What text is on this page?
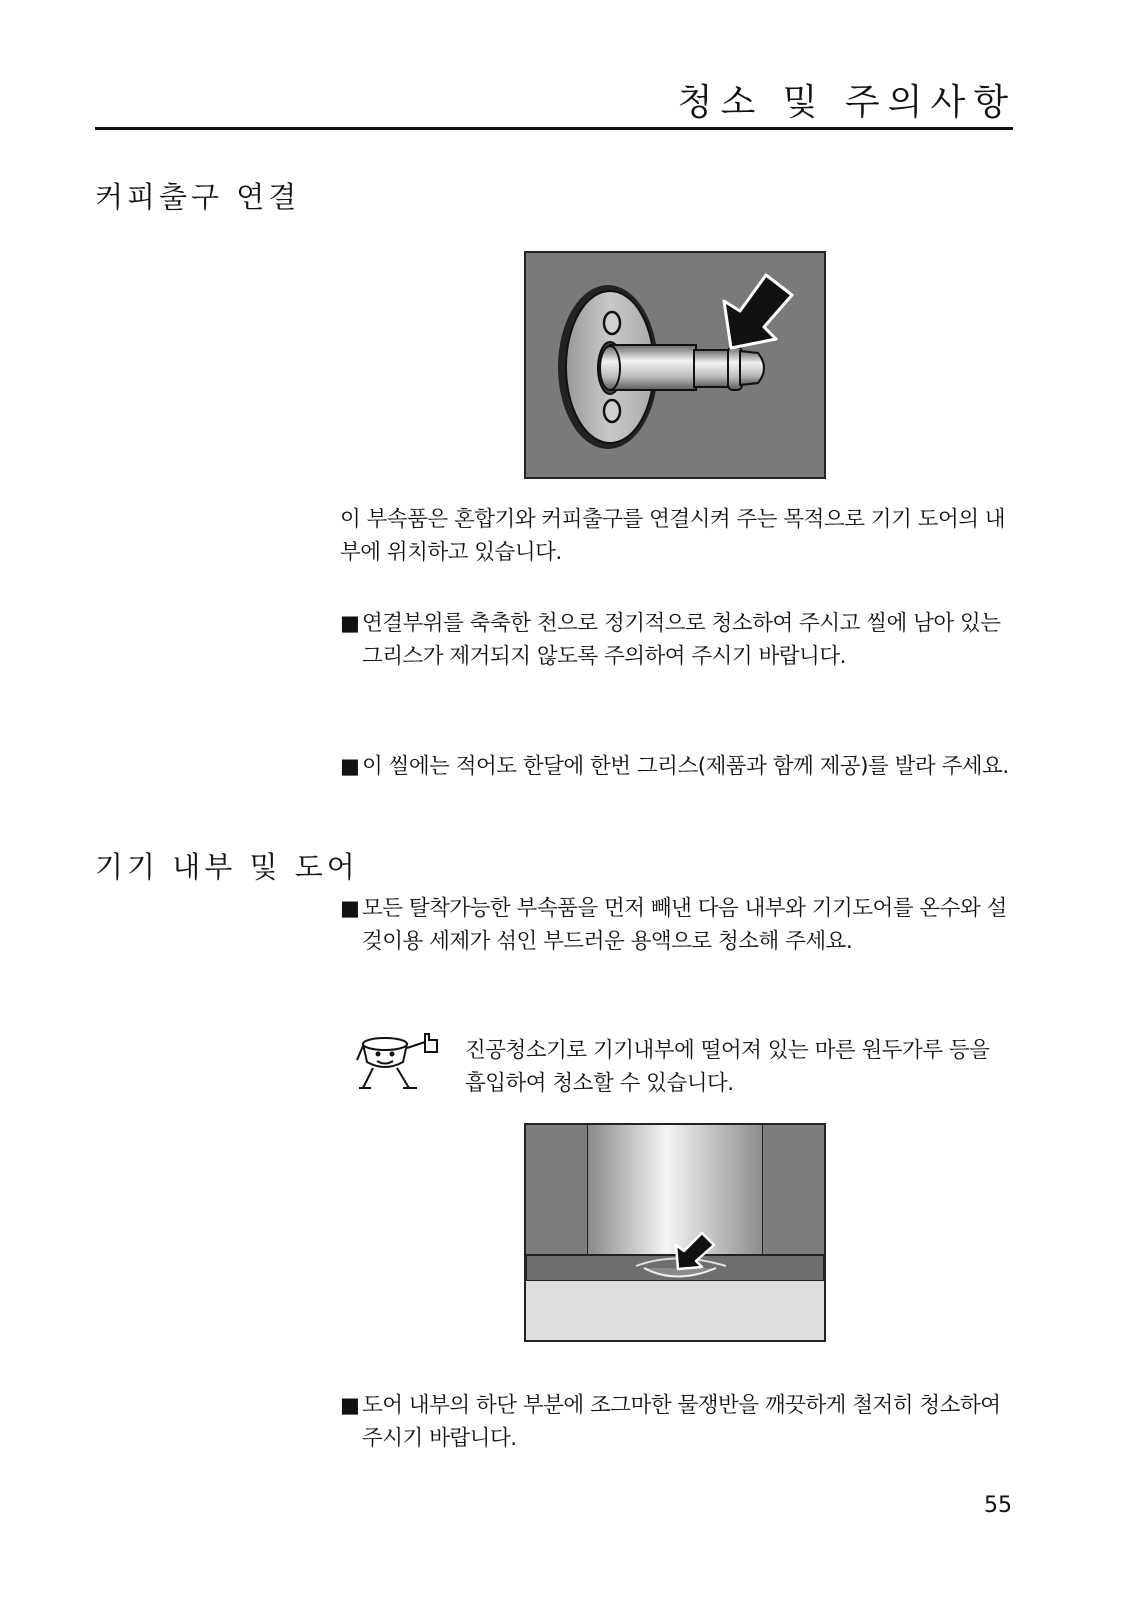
청소 및 주의사항
커피출구 연결
이 부속품은 혼합기와 커피출구를 연결시켜 주는 목적으로 기기 도어의 내부에 위치하고 있습니다.
■ 연결부위를 축축한 천으로 정기적으로 청소하여 주시고 씰에 남아 있는 그리스가 제거되지 않도록 주의하여 주시기 바랍니다.
■ 이 씰에는 적어도 한달에 한번 그리스(제품과 함께 제공)를 발라 주세요.
기기 내부 및 도어
■ 모든 탈착가능한 부속품을 먼저 빼낸 다음 내부와 기기도어를 온수와 설겆이용 세제가 섞인 부드러운 용액으로 청소해 주세요.
진공청소기로 기기내부에 떨어져 있는 마른 원두가루 등을 흡입하여 청소할 수 있습니다.
■ 도어 내부의 하단 부분에 조그마한 물쟁반을 깨끗하게 철저히 청소하여 주시기 바랍니다.
55
